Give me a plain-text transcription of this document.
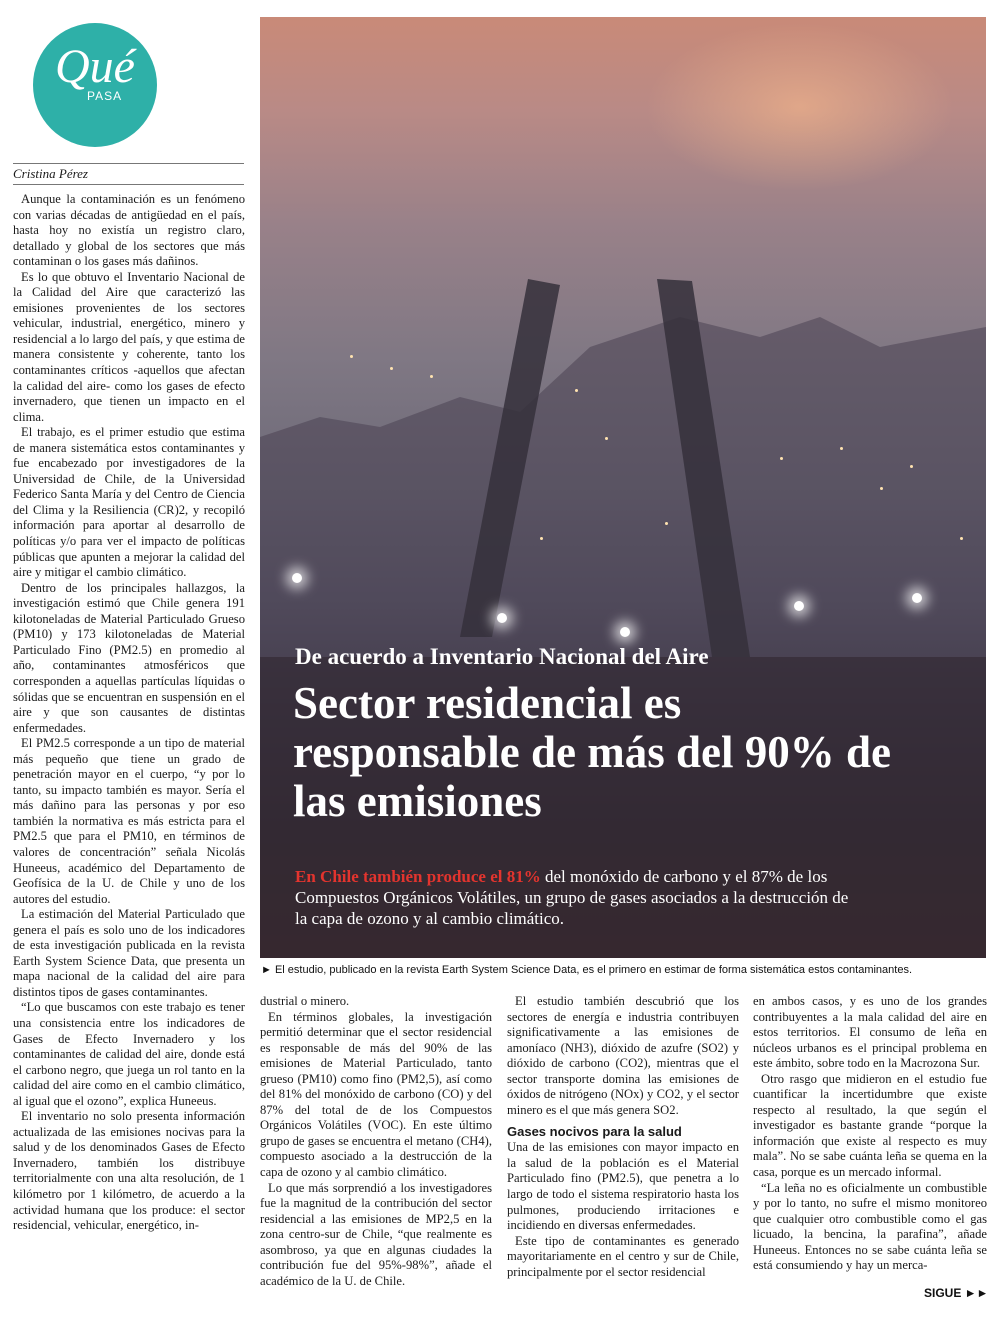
Qué
PASA
Cristina Pérez

Aunque la contaminación es un fenómeno con varias décadas de antigüedad en el país, hasta hoy no existía un registro claro, detallado y global de los sectores que más contaminan o los gases más dañinos.

Es lo que obtuvo el Inventario Nacional de la Calidad del Aire que caracterizó las emisiones provenientes de los sectores vehicular, industrial, energético, minero y residencial a lo largo del país, y que estima de manera consistente y coherente, tanto los contaminantes críticos -aquellos que afectan la calidad del aire- como los gases de efecto invernadero, que tienen un impacto en el clima.

El trabajo, es el primer estudio que estima de manera sistemática estos contaminantes y fue encabezado por investigadores de la Universidad de Chile, de la Universidad Federico Santa María y del Centro de Ciencia del Clima y la Resiliencia (CR)2, y recopiló información para aportar al desarrollo de políticas y/o para ver el impacto de políticas públicas que apunten a mejorar la calidad del aire y mitigar el cambio climático.

Dentro de los principales hallazgos, la investigación estimó que Chile genera 191 kilotoneladas de Material Particulado Grueso (PM10) y 173 kilotoneladas de Material Particulado Fino (PM2.5) en promedio al año, contaminantes atmosféricos que corresponden a aquellas partículas líquidas o sólidas que se encuentran en suspensión en el aire y que son causantes de distintas enfermedades.

El PM2.5 corresponde a un tipo de material más pequeño que tiene un grado de penetración mayor en el cuerpo, “y por lo tanto, su impacto también es mayor. Sería el más dañino para las personas y por eso también la normativa es más estricta para el PM2.5 que para el PM10, en términos de valores de concentración” señala Nicolás Huneeus, académico del Departamento de Geofísica de la U. de Chile y uno de los autores del estudio.

La estimación del Material Particulado que genera el país es solo uno de los indicadores de esta investigación publicada en la revista Earth System Science Data, que presenta un mapa nacional de la calidad del aire para distintos tipos de gases contaminantes.

“Lo que buscamos con este trabajo es tener una consistencia entre los indicadores de Gases de Efecto Invernadero y los contaminantes de calidad del aire, donde está el carbono negro, que juega un rol tanto en la calidad del aire como en el cambio climático, al igual que el ozono”, explica Huneeus.

El inventario no solo presenta información actualizada de las emisiones nocivas para la salud y de los denominados Gases de Efecto Invernadero, también los distribuye territorialmente con una alta resolución, de 1 kilómetro por 1 kilómetro, de acuerdo a la actividad humana que los produce: el sector residencial, vehicular, energético, in-

dustrial o minero.

En términos globales, la investigación permitió determinar que el sector residencial es responsable de más del 90% de las emisiones de Material Particulado, tanto grueso (PM10) como fino (PM2,5), así como del 81% del monóxido de carbono (CO) y del 87% del total de de los Compuestos Orgánicos Volátiles (VOC). En este último grupo de gases se encuentra el metano (CH4), compuesto asociado a la destrucción de la capa de ozono y al cambio climático.

Lo que más sorprendió a los investigadores fue la magnitud de la contribución del sector residencial a las emisiones de MP2,5 en la zona centro-sur de Chile, “que realmente es asombroso, ya que en algunas ciudades la contribución fue del 95%-98%”, añade el académico de la U. de Chile.

El estudio también descubrió que los sectores de energía e industria contribuyen significativamente a las emisiones de amoníaco (NH3), dióxido de azufre (SO2) y dióxido de carbono (CO2), mientras que el sector transporte domina las emisiones de óxidos de nitrógeno (NOx) y CO2, y el sector minero es el que más genera SO2.

Gases nocivos para la salud

Una de las emisiones con mayor impacto en la salud de la población es el Material Particulado fino (PM2.5), que penetra a lo largo de todo el sistema respiratorio hasta los pulmones, produciendo irritaciones e incidiendo en diversas enfermedades.

Este tipo de contaminantes es generado mayoritariamente en el centro y sur de Chile, principalmente por el sector residencial

en ambos casos, y es uno de los grandes contribuyentes a la mala calidad del aire en estos territorios. El consumo de leña en núcleos urbanos es el principal problema en este ámbito, sobre todo en la Macrozona Sur.

Otro rasgo que midieron en el estudio fue cuantificar la incertidumbre que existe respecto al resultado, la que según el investigador es bastante grande “porque la información que existe al respecto es muy mala”. No se sabe cuánta leña se quema en la casa, porque es un mercado informal.

“La leña no es oficialmente un combustible y por lo tanto, no sufre el mismo monitoreo que cualquier otro combustible como el gas licuado, la bencina, la parafina”, añade Huneeus. Entonces no se sabe cuánta leña se está consumiendo y hay un merca-

De acuerdo a Inventario Nacional del Aire
Sector residencial es responsable de más del 90% de las emisiones
En Chile también produce el 81% del monóxido de carbono y el 87% de los Compuestos Orgánicos Volátiles, un grupo de gases asociados a la destrucción de la capa de ozono y al cambio climático.
► El estudio, publicado en la revista Earth System Science Data, es el primero en estimar de forma sistemática estos contaminantes.
SIGUE ►►
